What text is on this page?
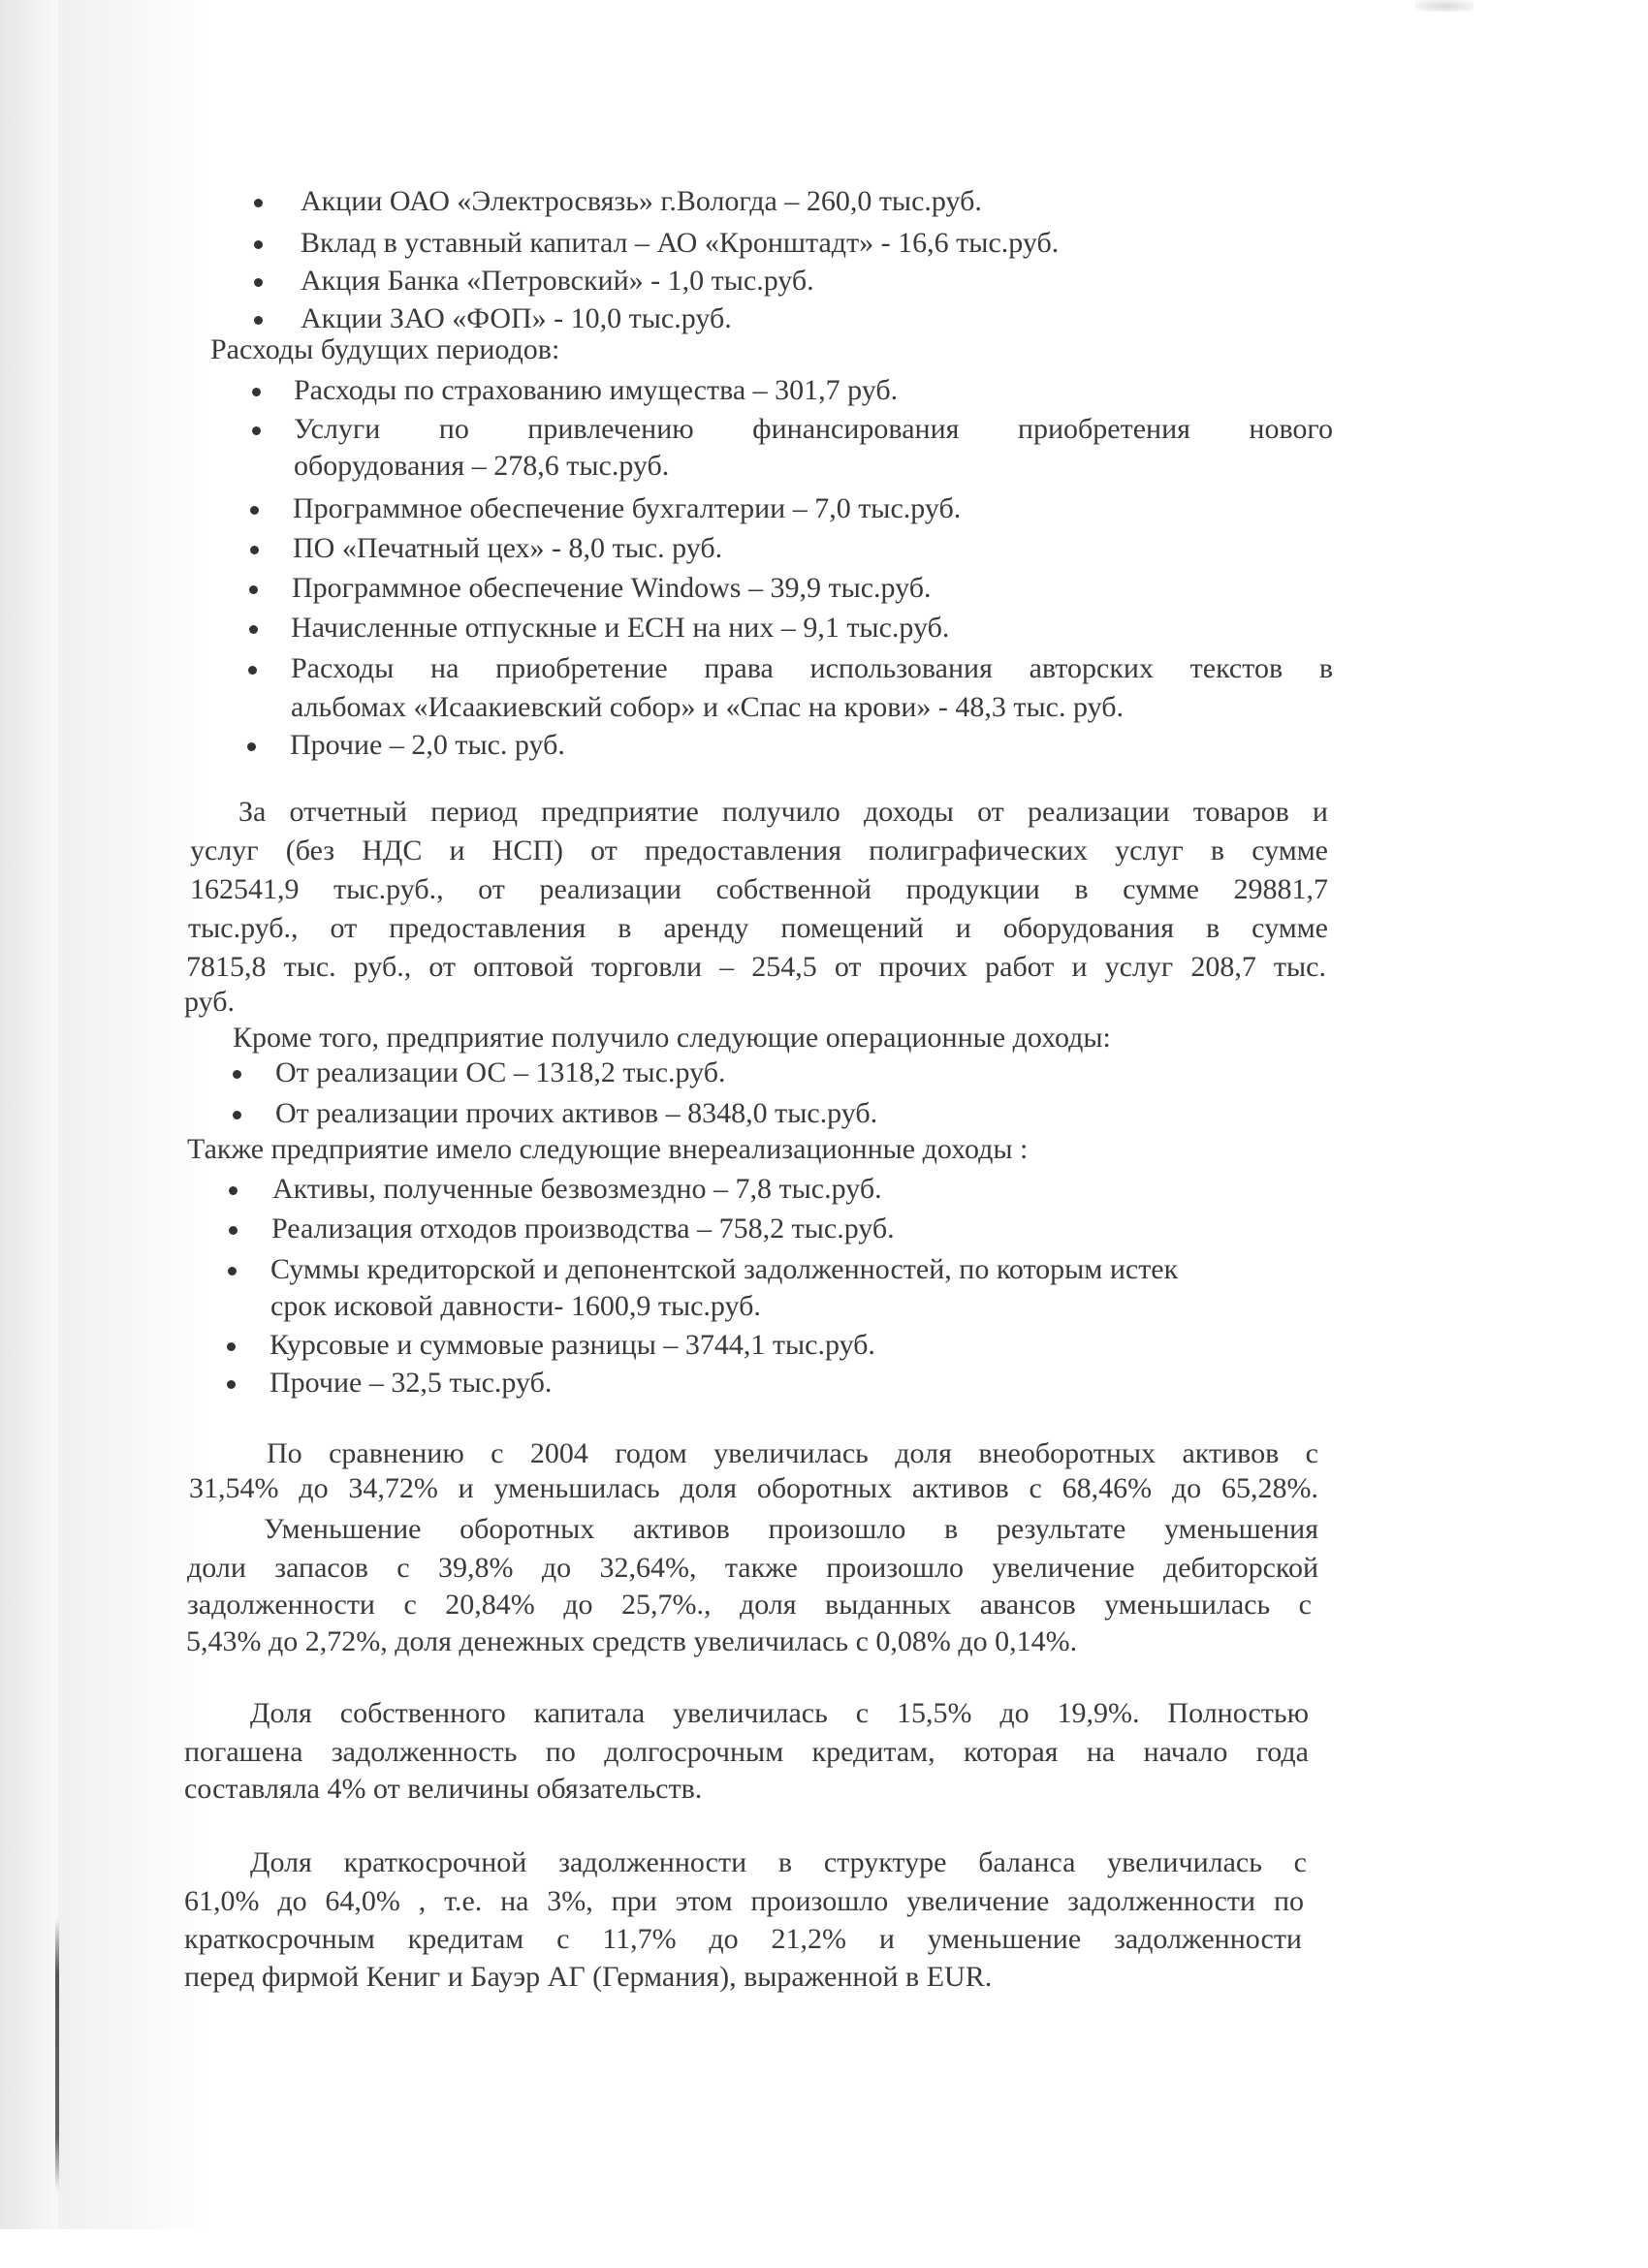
Акции ОАО «Электросвязь» г.Вологда – 260,0 тыс.руб.
Вклад в уставный капитал – АО «Кронштадт» - 16,6 тыс.руб.
Акция Банка «Петровский» - 1,0 тыс.руб.
Акции ЗАО «ФОП» - 10,0 тыс.руб.
Расходы будущих периодов:
Расходы по страхованию имущества – 301,7 руб.
Услуги по привлечению финансирования приобретения нового
оборудования – 278,6 тыс.руб.
Программное обеспечение бухгалтерии – 7,0 тыс.руб.
ПО «Печатный цех» - 8,0 тыс. руб.
Программное обеспечение Windows – 39,9 тыс.руб.
Начисленные отпускные и ЕСН на них – 9,1 тыс.руб.
Расходы на приобретение права использования авторских текстов в
альбомах «Исаакиевский собор» и «Спас на крови» - 48,3 тыс. руб.
Прочие – 2,0 тыс. руб.
За отчетный период предприятие получило доходы от реализации товаров и
услуг (без НДС и НСП) от предоставления полиграфических услуг в сумме
162541,9 тыс.руб., от реализации собственной продукции в сумме 29881,7
тыс.руб., от предоставления в аренду помещений и оборудования в сумме
7815,8 тыс. руб., от оптовой торговли – 254,5 от прочих работ и услуг 208,7 тыс.
руб.
Кроме того, предприятие получило следующие операционные доходы:
От реализации ОС – 1318,2 тыс.руб.
От реализации прочих активов – 8348,0 тыс.руб.
Также предприятие имело следующие внереализационные доходы :
Активы, полученные безвозмездно – 7,8 тыс.руб.
Реализация отходов производства – 758,2 тыс.руб.
Суммы кредиторской и депонентской задолженностей, по которым истек
срок исковой давности- 1600,9 тыс.руб.
Курсовые и суммовые разницы – 3744,1 тыс.руб.
Прочие – 32,5 тыс.руб.
По сравнению с 2004 годом увеличилась доля внеоборотных активов с
31,54% до 34,72% и уменьшилась доля оборотных активов с 68,46% до 65,28%.
Уменьшение оборотных активов произошло в результате уменьшения
доли запасов с 39,8% до 32,64%, также произошло увеличение дебиторской
задолженности с 20,84% до 25,7%., доля выданных авансов уменьшилась с
5,43% до 2,72%, доля денежных средств увеличилась с 0,08% до 0,14%.
Доля собственного капитала увеличилась с 15,5% до 19,9%. Полностью
погашена задолженность по долгосрочным кредитам, которая на начало года
составляла 4% от величины обязательств.
Доля краткосрочной задолженности в структуре баланса увеличилась с
61,0% до 64,0% , т.е. на 3%, при этом произошло увеличение задолженности по
краткосрочным кредитам с 11,7% до 21,2% и уменьшение задолженности
перед фирмой Кениг и Бауэр АГ (Германия), выраженной в EUR.
